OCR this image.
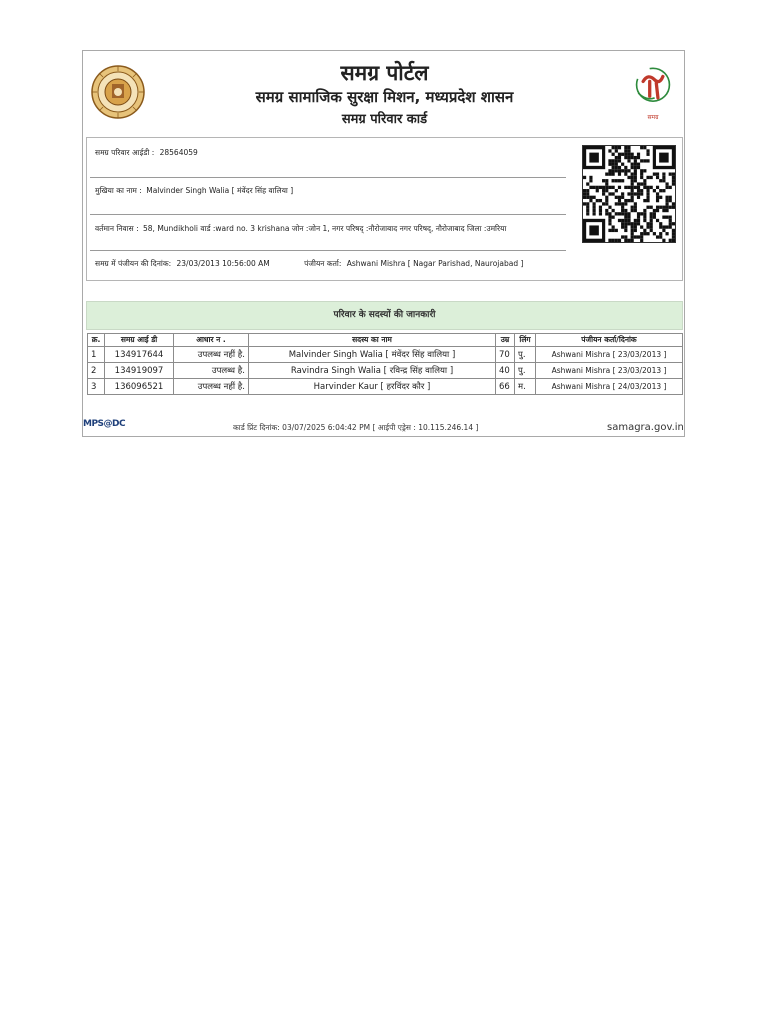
समग्र पोर्टल
समग्र सामाजिक सुरक्षा मिशन, मध्यप्रदेश शासन
समग्र परिवार कार्ड	समग्र
समग्र परिवार आईडी : 28564059
मुखिया का नाम : Malvinder Singh Walia [ मंवेंदर सिंह वालिया ]
वर्तमान निवास : 58, Mundikholi वार्ड :ward no. 3 krishana जोन :जोन 1, नगर परिषद् :नौरोजाबाद नगर परिषद्, नौरोजाबाद जिला :उमरिया
समग्र में पंजीयन की दिनांक: 23/03/2013 10:56:00 AM	पंजीयन कर्ता: Ashwani Mishra [ Nagar Parishad, Naurojabad ]
परिवार के सदस्यों की जानकारी
क्र.	समग्र आई डी	आधार न .	सदस्य का नाम	उम्र	लिंग	पंजीयन कर्ता/दिनांक
1	134917644	उपलब्ध नहीं है.	Malvinder Singh Walia [ मंवेंदर सिंह वालिया ]	70	पु.	Ashwani Mishra [ 23/03/2013 ]
2	134919097	उपलब्ध है.	Ravindra Singh Walia [ रविन्द्र सिंह वालिया ]	40	पु.	Ashwani Mishra [ 23/03/2013 ]
3	136096521	उपलब्ध नहीं है.	Harvinder Kaur [ हरविंदर कौर ]	66	म.	Ashwani Mishra [ 24/03/2013 ]
MPS@DC	कार्ड प्रिंट दिनांक: 03/07/2025 6:04:42 PM [ आईपी एड्रेस : 10.115.246.14 ]	samagra.gov.in
